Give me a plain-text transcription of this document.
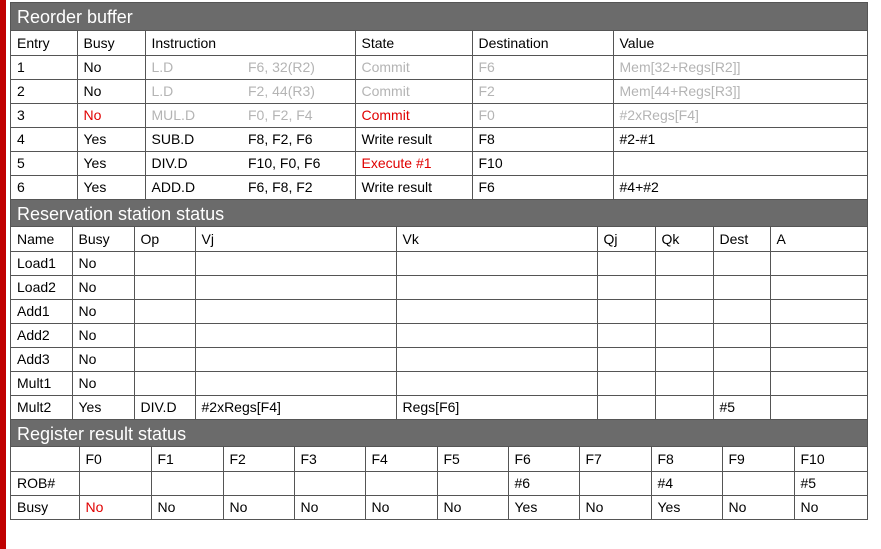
Reorder buffer
Entry	Busy	Instruction		State	Destination	Value
1	No	L.D	F6, 32(R2)	Commit	F6	Mem[32+Regs[R2]]
2	No	L.D	F2, 44(R3)	Commit	F2	Mem[44+Regs[R3]]
3	No	MUL.D	F0, F2, F4	Commit	F0	#2xRegs[F4]
4	Yes	SUB.D	F8, F2, F6	Write result	F8	#2-#1
5	Yes	DIV.D	F10, F0, F6	Execute #1	F10	
6	Yes	ADD.D	F6, F8, F2	Write result	F6	#4+#2
Reservation station status
Name	Busy	Op	Vj	Vk	Qj	Qk	Dest	A
Load1	No							
Load2	No							
Add1	No							
Add2	No							
Add3	No							
Mult1	No							
Mult2	Yes	DIV.D	#2xRegs[F4]	Regs[F6]			#5	
Register result status
	F0	F1	F2	F3	F4	F5	F6	F7	F8	F9	F10
ROB#							#6		#4		#5
Busy	No	No	No	No	No	No	Yes	No	Yes	No	No
